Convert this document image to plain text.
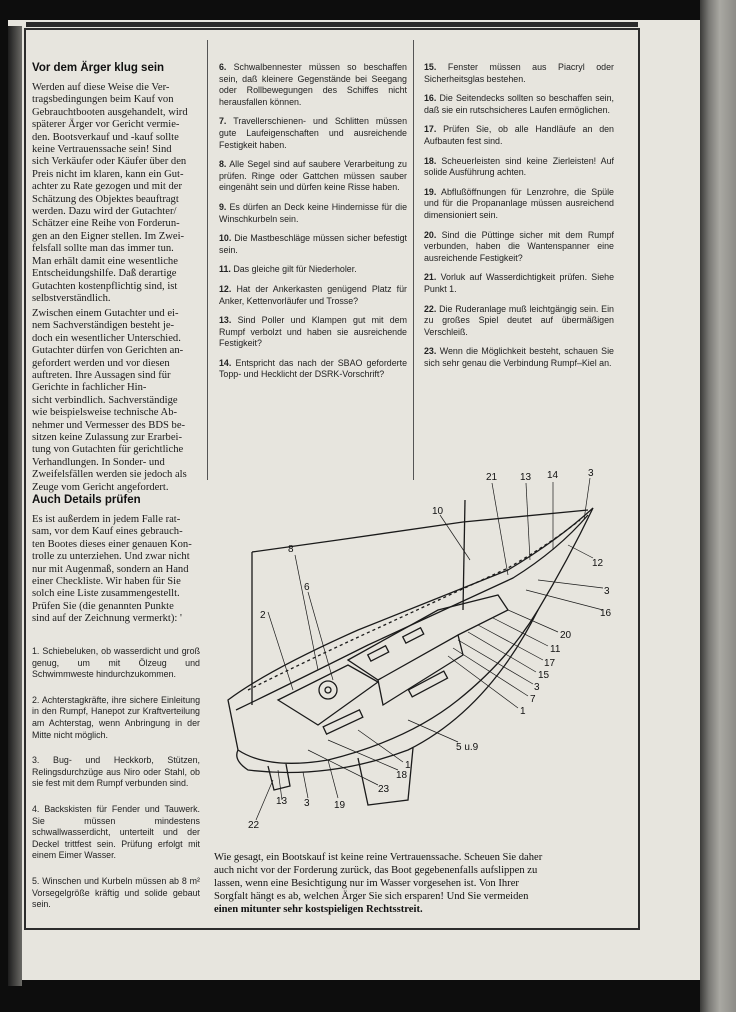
Vor dem Ärger klug sein
Werden auf diese Weise die Ver-
tragsbedingungen beim Kauf von
Gebrauchtbooten ausgehandelt, wird
späterer Ärger vor Gericht vermie-
den. Bootsverkauf und -kauf sollte
keine Vertrauenssache sein! Sind
sich Verkäufer oder Käufer über den
Preis nicht im klaren, kann ein Gut-
achter zu Rate gezogen und mit der
Schätzung des Objektes beauftragt
werden. Dazu wird der Gutachter/
Schätzer eine Reihe von Forderun-
gen an den Eigner stellen. Im Zwei-
felsfall sollte man das immer tun.
Man erhält damit eine wesentliche
Entscheidungshilfe. Daß derartige
Gutachten kostenpflichtig sind, ist
selbstverständlich.
Zwischen einem Gutachter und ei-
nem Sachverständigen besteht je-
doch ein wesentlicher Unterschied.
Gutachter dürfen von Gerichten an-
gefordert werden und vor diesen
auftreten. Ihre Aussagen sind für
Gerichte in fachlicher Hin-
sicht verbindlich. Sachverständige
wie beispielsweise technische Ab-
nehmer und Vermesser des BDS be-
sitzen keine Zulassung zur Erarbei-
tung von Gutachten für gerichtliche
Verhandlungen. In Sonder- und
Zweifelsfällen werden sie jedoch als
Zeuge vom Gericht angefordert.
Auch Details prüfen
Es ist außerdem in jedem Falle rat-
sam, vor dem Kauf eines gebrauch-
ten Bootes dieses einer genauen Kon-
trolle zu unterziehen. Und zwar nicht
nur mit Augenmaß, sondern an Hand
einer Checkliste. Wir haben für Sie
solch eine Liste zusammengestellt.
Prüfen Sie (die genannten Punkte
sind auf der Zeichnung vermerkt): '

1. Schiebeluken, ob wasserdicht und groß genug, um mit Ölzeug und Schwimmweste hindurchzukommen.

2. Achterstagkräfte, ihre sichere Einleitung in den Rumpf, Hanepot zur Kraftverteilung am Achterstag, wenn Anbringung in der Mitte nicht möglich.

3. Bug- und Heckkorb, Stützen, Relingsdurchzüge aus Niro oder Stahl, ob sie fest mit dem Rumpf verbunden sind.

4. Backskisten für Fender und Tauwerk. Sie müssen mindestens schwallwasserdicht, unterteilt und der Deckel trittfest sein. Prüfung erfolgt mit einem Eimer Wasser.

5. Winschen und Kurbeln müssen ab 8 m² Vorsegelgröße kräftig und solide gebaut sein.

6. Schwalbennester müssen so beschaffen sein, daß kleinere Gegenstände bei Seegang oder Rollbewegungen des Schiffes nicht herausfallen können.

7. Travellerschienen- und Schlitten müssen gute Laufeigenschaften und ausreichende Festigkeit haben.

8. Alle Segel sind auf saubere Verarbeitung zu prüfen. Ringe oder Gattchen müssen sauber eingenäht sein und dürfen keine Risse haben.

9. Es dürfen an Deck keine Hindernisse für die Winschkurbeln sein.

10. Die Mastbeschläge müssen sicher befestigt sein.

11. Das gleiche gilt für Niederholer.

12. Hat der Ankerkasten genügend Platz für Anker, Kettenvorläufer und Trosse?

13. Sind Poller und Klampen gut mit dem Rumpf verbolzt und haben sie ausreichende Festigkeit?

14. Entspricht das nach der SBAO geforderte Topp- und Hecklicht der DSRK-Vorschrift?

15. Fenster müssen aus Piacryl oder Sicherheitsglas bestehen.

16. Die Seitendecks sollten so beschaffen sein, daß sie ein rutschsicheres Laufen ermöglichen.

17. Prüfen Sie, ob alle Handläufe an den Aufbauten fest sind.

18. Scheuerleisten sind keine Zierleisten! Auf solide Ausführung achten.

19. Abflußöffnungen für Lenzrohre, die Spüle und für die Propananlage müssen ausreichend dimensioniert sein.

20. Sind die Püttinge sicher mit dem Rumpf verbunden, haben die Wantenspanner eine ausreichende Festigkeit?

21. Vorluk auf Wasserdichtigkeit prüfen. Siehe Punkt 1.

22. Die Ruderanlage muß leichtgängig sein. Ein zu großes Spiel deutet auf übermäßigen Verschleiß.

23. Wenn die Möglichkeit besteht, schauen Sie sich sehr genau die Verbindung Rumpf–Kiel an.

21 13 14	3
10
12
8
6	3
16
20
11
17
15
3
7
1
2
5 u.9
1
18
23
13 3 19
22
Wie gesagt, ein Bootskauf ist keine reine Vertrauenssache. Scheuen Sie daher
auch nicht vor der Forderung zurück, das Boot gegebenenfalls aufslippen zu
lassen, wenn eine Besichtigung nur im Wasser vorgesehen ist. Von Ihrer
Sorgfalt hängt es ab, welchen Ärger Sie sich ersparen! Und Sie vermeiden
einen mitunter sehr kostspieligen Rechtsstreit.
